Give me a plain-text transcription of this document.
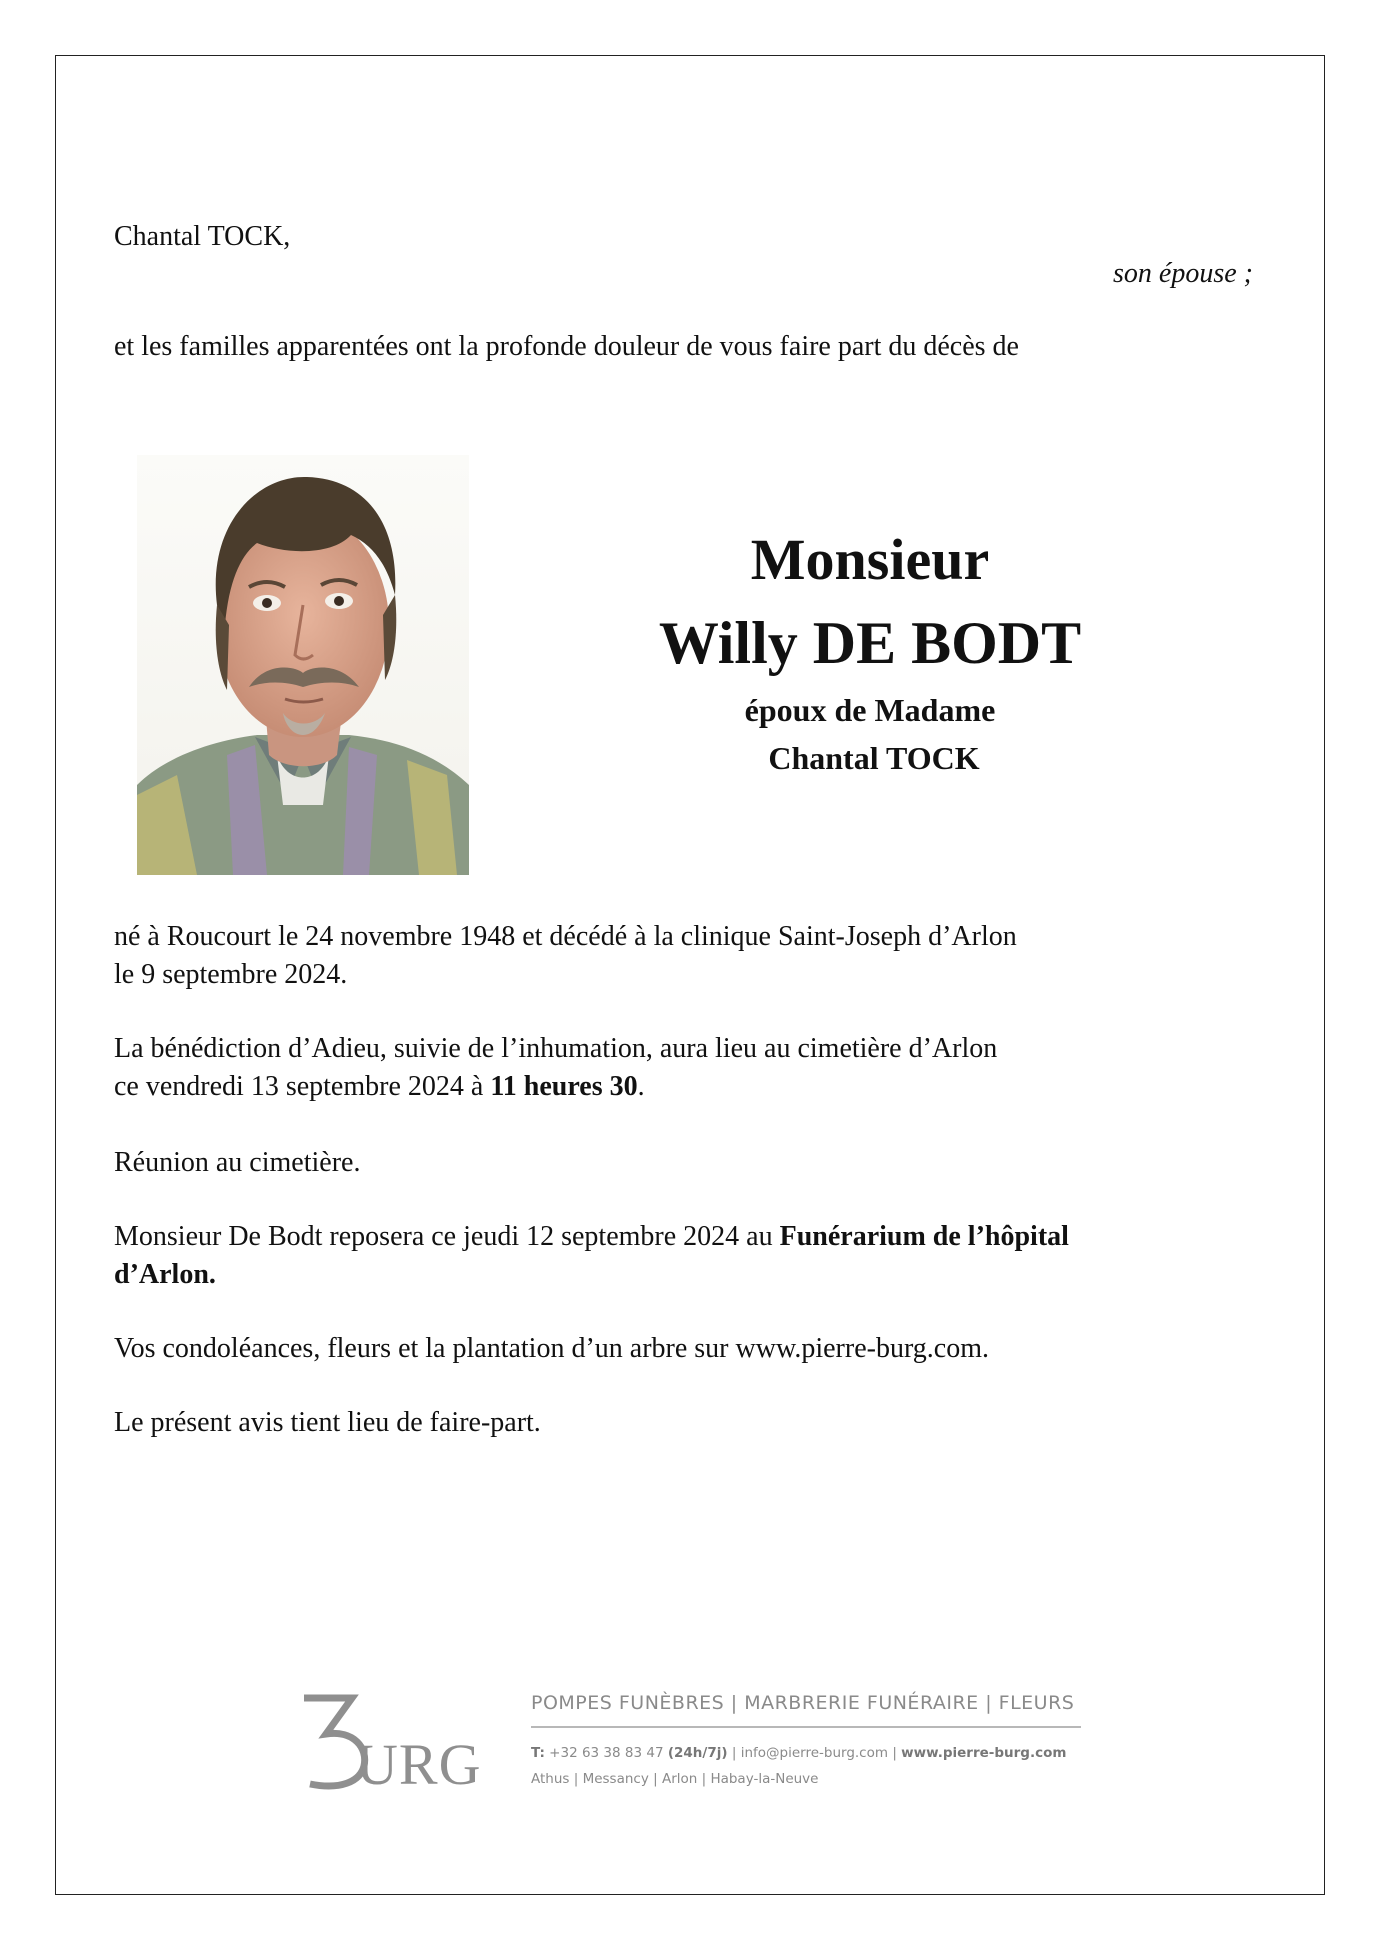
Chantal TOCK,
son épouse ;

et les familles apparentées ont la profonde douleur de vous faire part du décès de

Monsieur

Willy DE BODT

époux de Madame

Chantal TOCK

né à Roucourt le 24 novembre 1948 et décédé à la clinique Saint-Joseph d’Arlon
le 9 septembre 2024.

La bénédiction d’Adieu, suivie de l’inhumation, aura lieu au cimetière d’Arlon
ce vendredi 13 septembre 2024 à 11 heures 30.

Réunion au cimetière.

Monsieur De Bodt reposera ce jeudi 12 septembre 2024 au Funérarium de l’hôpital
d’Arlon.

Vos condoléances, fleurs et la plantation d’un arbre sur www.pierre-burg.com.

Le présent avis tient lieu de faire-part.

URG
POMPES FUNÈBRES | MARBRERIE FUNÉRAIRE | FLEURS
T: +32 63 38 83 47 (24h/7j) | info@pierre-burg.com | www.pierre-burg.com
Athus | Messancy | Arlon | Habay-la-Neuve
